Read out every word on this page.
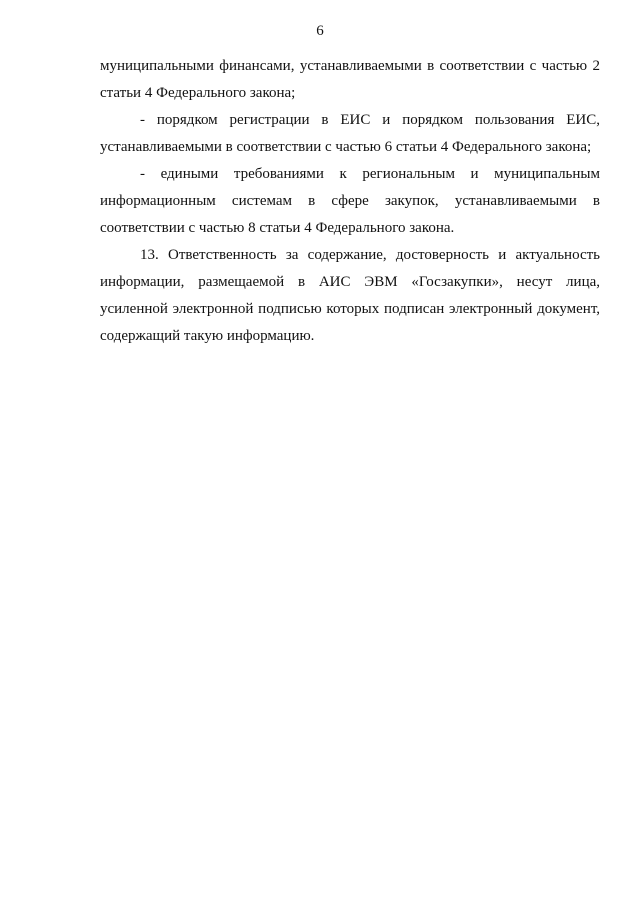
6

муниципальными финансами, устанавливаемыми в соответствии с частью 2 статьи 4 Федерального закона;

- порядком регистрации в ЕИС и порядком пользования ЕИС, устанавливаемыми в соответствии с частью 6 статьи 4 Федерального закона;

- едиными требованиями к региональным и муниципальным информационным системам в сфере закупок, устанавливаемыми в соответствии с частью 8 статьи 4 Федерального закона.

13. Ответственность за содержание, достоверность и актуальность информации, размещаемой в АИС ЭВМ «Госзакупки», несут лица, усиленной электронной подписью которых подписан электронный документ, содержащий такую информацию.
